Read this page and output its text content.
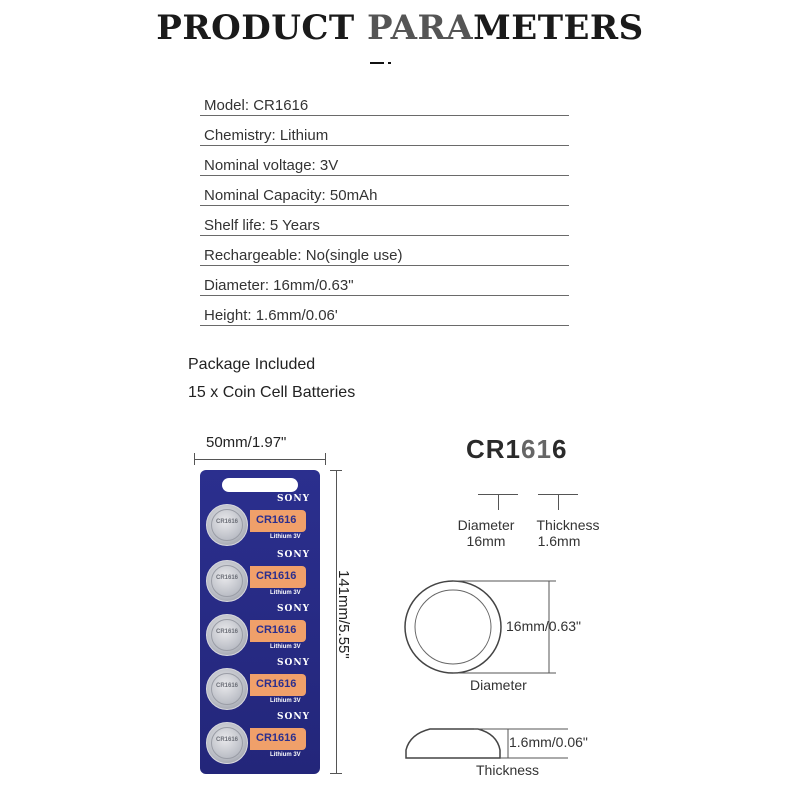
PRODUCT PARAMETERS
Model: CR1616
Chemistry: Lithium
Nominal voltage: 3V
Nominal Capacity: 50mAh
Shelf life: 5 Years
Rechargeable: No(single use)
Diameter: 16mm/0.63"
Height: 1.6mm/0.06'
Package Included
15 x Coin Cell Batteries
50mm/1.97"
141mm/5.55"
SONY
CR1616	CR1616
Lithium 3V
SONY
CR1616	CR1616
Lithium 3V
SONY
CR1616	CR1616
Lithium 3V
SONY
CR1616	CR1616
Lithium 3V
SONY
CR1616	CR1616
Lithium 3V
CR1616
Diameter
16mm
Thickness
1.6mm
16mm/0.63"
Diameter
1.6mm/0.06"
Thickness
